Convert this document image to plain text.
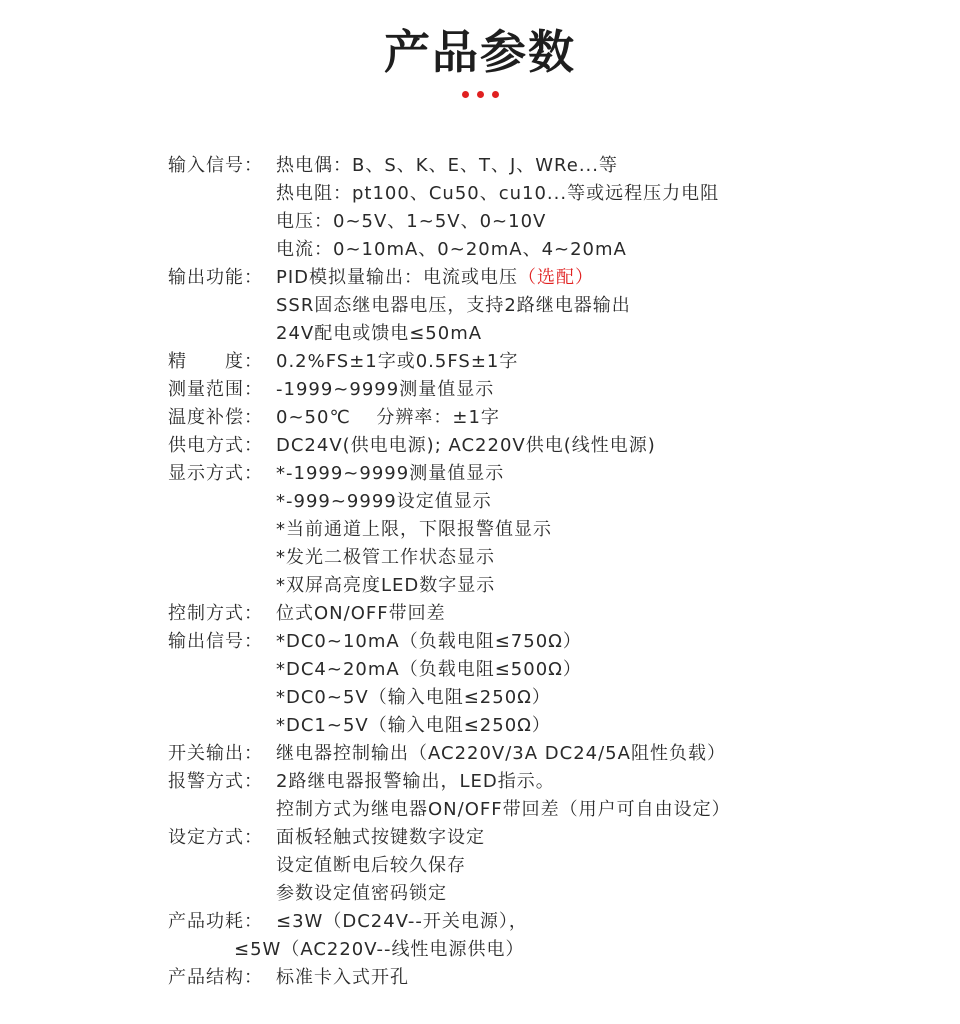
产品参数
输入信号： 热电偶：B、S、K、E、T、J、WRe...等
热电阻：pt100、Cu50、cu10...等或远程压力电阻
电压：0~5V、1~5V、0~10V
电流：0~10mA、0~20mA、4~20mA
输出功能： PID模拟量输出：电流或电压（选配）
SSR固态继电器电压，支持2路继电器输出
24V配电或馈电≤50mA
精　　度： 0.2%FS±1字或0.5FS±1字
测量范围： -1999~9999测量值显示
温度补偿： 0~50℃　 分辨率：±1字
供电方式： DC24V(供电电源); AC220V供电(线性电源)
显示方式： *-1999~9999测量值显示
*-999~9999设定值显示
*当前通道上限，下限报警值显示
*发光二极管工作状态显示
*双屏高亮度LED数字显示
控制方式： 位式ON/OFF带回差
输出信号： *DC0~10mA（负载电阻≤750Ω）
*DC4~20mA（负载电阻≤500Ω）
*DC0~5V（输入电阻≤250Ω）
*DC1~5V（输入电阻≤250Ω）
开关输出： 继电器控制输出（AC220V/3A DC24/5A阻性负载）
报警方式： 2路继电器报警输出，LED指示。
控制方式为继电器ON/OFF带回差（用户可自由设定）
设定方式： 面板轻触式按键数字设定
设定值断电后较久保存
参数设定值密码锁定
产品功耗： ≤3W（DC24V--开关电源），
≤5W（AC220V--线性电源供电）
产品结构： 标准卡入式开孔
